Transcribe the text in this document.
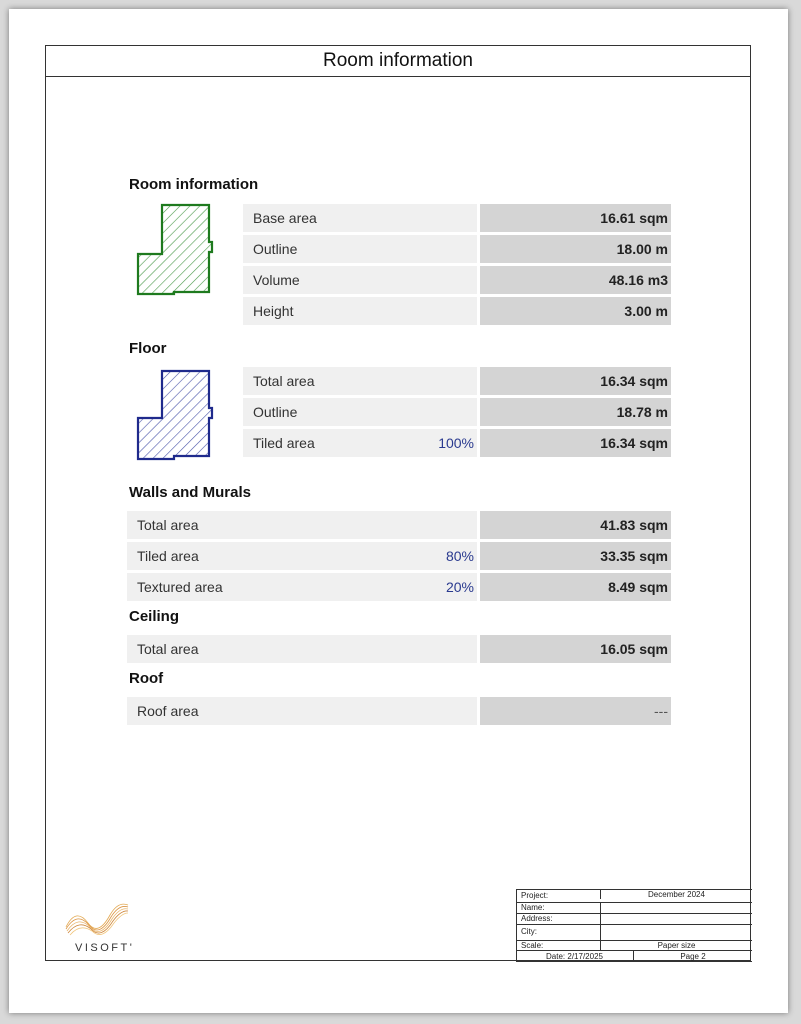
Room information
Room information
Base area	16.61 sqm
Outline	18.00 m
Volume	48.16 m3
Height	3.00 m
Floor
Total area	16.34 sqm
Outline	18.78 m
Tiled area	100%	16.34 sqm
Walls and Murals
Total area	41.83 sqm
Tiled area	80%	33.35 sqm
Textured area	20%	8.49 sqm
Ceiling
Total area	16.05 sqm
Roof
Roof area	---
VISOFT'
Project:	December 2024
Name:
Address:
City:
Scale:	Paper size
Date: 2/17/2025	Page 2
